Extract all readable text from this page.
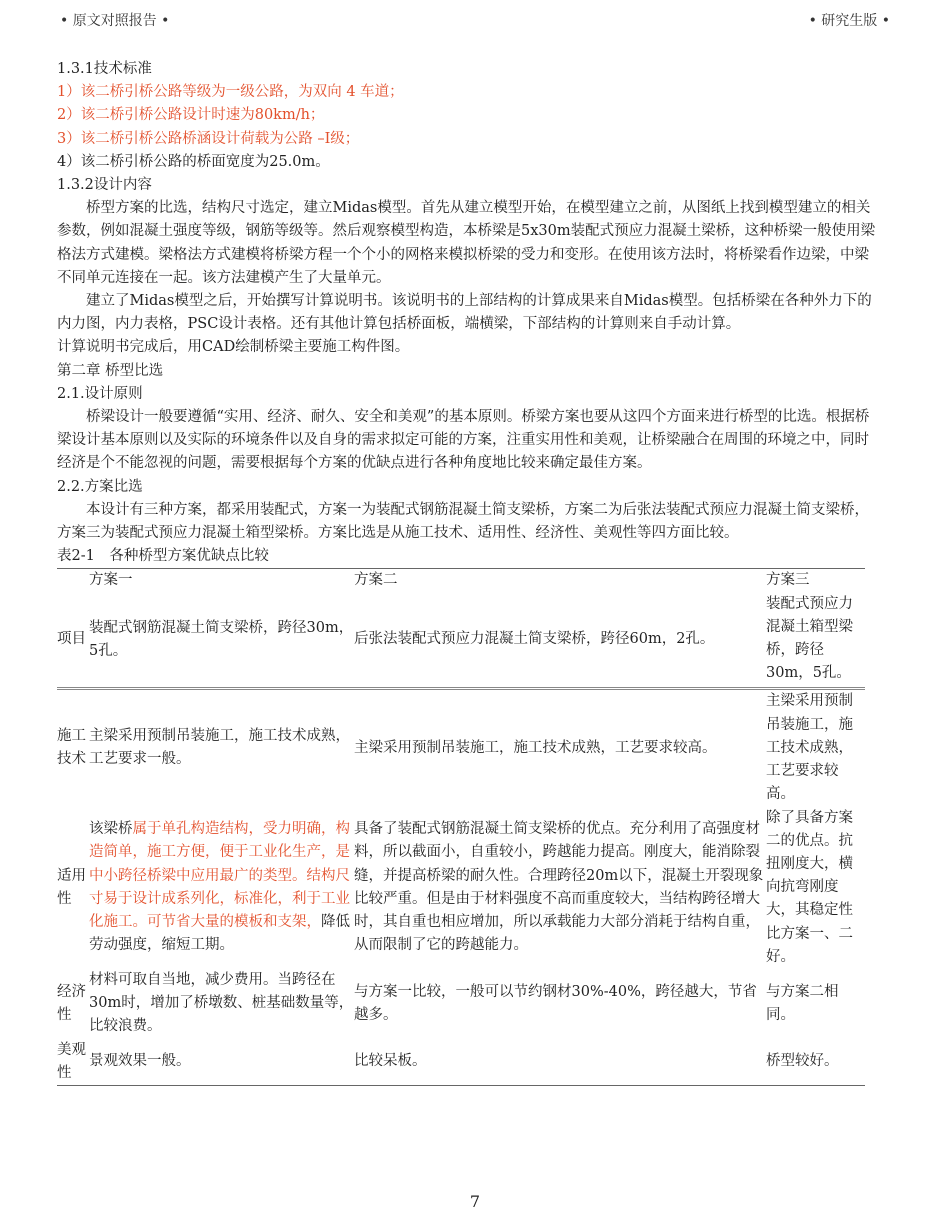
• 原文对照报告 •	• 研究生版 •

1.3.1技术标准

1）该二桥引桥公路等级为一级公路，为双向 4 车道；

2）该二桥引桥公路设计时速为80km/h；

3）该二桥引桥公路桥涵设计荷载为公路 –Ⅰ级；

4）该二桥引桥公路的桥面宽度为25.0m。

1.3.2设计内容

桥型方案的比选，结构尺寸选定，建立Midas模型。首先从建立模型开始，在模型建立之前，从图纸上找到模型建立的相关参数，例如混凝土强度等级，钢筋等级等。然后观察模型构造，本桥梁是5x30m装配式预应力混凝土梁桥，这种桥梁一般使用梁格法方式建模。梁格法方式建模将桥梁方程一个个小的网格来模拟桥梁的受力和变形。在使用该方法时，将桥梁看作边梁，中梁不同单元连接在一起。该方法建模产生了大量单元。

建立了Midas模型之后，开始撰写计算说明书。该说明书的上部结构的计算成果来自Midas模型。包括桥梁在各种外力下的内力图，内力表格，PSC设计表格。还有其他计算包括桥面板，端横梁，下部结构的计算则来自手动计算。

计算说明书完成后，用CAD绘制桥梁主要施工构件图。

第二章 桥型比选

2.1.设计原则

桥梁设计一般要遵循“实用、经济、耐久、安全和美观”的基本原则。桥梁方案也要从这四个方面来进行桥型的比选。根据桥梁设计基本原则以及实际的环境条件以及自身的需求拟定可能的方案，注重实用性和美观，让桥梁融合在周围的环境之中，同时经济是个不能忽视的问题，需要根据每个方案的优缺点进行各种角度地比较来确定最佳方案。

2.2.方案比选

本设计有三种方案，都采用装配式，方案一为装配式钢筋混凝土简支梁桥，方案二为后张法装配式预应力混凝土简支梁桥，方案三为装配式预应力混凝土箱型梁桥。方案比选是从施工技术、适用性、经济性、美观性等四方面比较。

表2-1　各种桥型方案优缺点比较

	方案一	方案二	方案三
项目	装配式钢筋混凝土简支梁桥，跨径30m，5孔。	后张法装配式预应力混凝土简支梁桥，跨径60m，2孔。	装配式预应力混凝土箱型梁桥，跨径30m，5孔。

施工技术	主梁采用预制吊装施工，施工技术成熟，工艺要求一般。	主梁采用预制吊装施工，施工技术成熟，工艺要求较高。	主梁采用预制吊装施工，施工技术成熟，工艺要求较高。
适用性	该梁桥属于单孔构造结构，受力明确，构造简单，施工方便，便于工业化生产，是中小跨径桥梁中应用最广的类型。结构尺寸易于设计成系列化，标准化，利于工业化施工。可节省大量的模板和支架，降低劳动强度，缩短工期。	具备了装配式钢筋混凝土简支梁桥的优点。充分利用了高强度材料，所以截面小，自重较小，跨越能力提高。刚度大，能消除裂缝，并提高桥梁的耐久性。合理跨径20m以下，混凝土开裂现象比较严重。但是由于材料强度不高而重度较大，当结构跨径增大时，其自重也相应增加，所以承载能力大部分消耗于结构自重，从而限制了它的跨越能力。	除了具备方案二的优点。抗扭刚度大，横向抗弯刚度大，其稳定性比方案一、二好。
经济性	材料可取自当地，减少费用。当跨径在30m时，增加了桥墩数、桩基础数量等，比较浪费。	与方案一比较，一般可以节约钢材30%-40%，跨径越大，节省越多。	与方案二相同。
美观性	景观效果一般。	比较呆板。	桥型较好。
7
